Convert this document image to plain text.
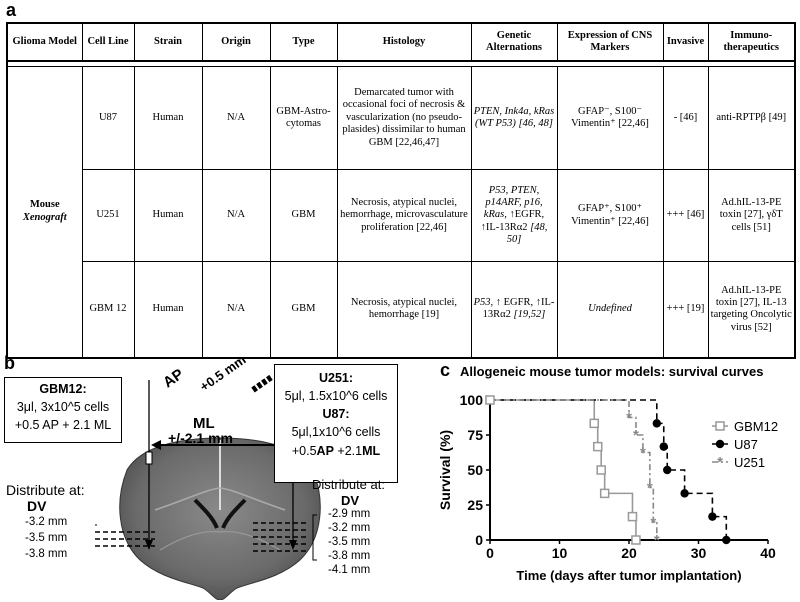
a
Glioma Model	Cell Line	Strain	Origin	Type	Histology	Genetic Alternations	Expression of CNS Markers	Invasive	Immuno-therapeutics

Mouse
Xenograft	U87	Human	N/A	GBM-Astro-cytomas	Demarcated tumor with occasional foci of necrosis & vascularization (no pseudo-plasides) dissimilar to human GBM [22,46,47]	PTEN, Ink4a, kRas (WT P53) [46, 48]	GFAP⁻, S100⁻ Vimentin⁺ [22,46]	- [46]	anti-RPTPβ [49]
	U251	Human	N/A	GBM	Necrosis, atypical nuclei, hemorrhage, microvasculature proliferation [22,46]	P53, PTEN, p14ARF, p16, kRas, ↑EGFR, ↑IL-13Rα2 [48, 50]	GFAP⁺, S100⁺ Vimentin⁺ [22,46]	+++ [46]	Ad.hIL-13-PE toxin [27], γδT cells [51]
	GBM 12	Human	N/A	GBM	Necrosis, atypical nuclei, hemorrhage [19]	P53, ↑ EGFR, ↑IL-13Rα2 [19,52]	Undefined	+++ [19]	Ad.hIL-13-PE toxin [27], IL-13 targeting Oncolytic virus [52]
b
AP +0.5 mm
ML
+/-2.1 mm
GBM12:
3μl, 3x10^5 cells
+0.5 AP + 2.1 ML
U251:
5μl, 1.5x10^6 cells
U87:
5μl,1x10^6 cells
+0.5AP +2.1ML
Distribute at:
DV
-3.2 mm
-3.5 mm
-3.8 mm
Distribute at:
DV
-2.9 mm
-3.2 mm
-3.5 mm
-3.8 mm
-4.1 mm
c Allogeneic mouse tumor models: survival curves
0
25
50
75
100
0	10	20	30	40
Survival (%)
Time (days after tumor implantation)
GBM12
U87
*
*
*
*
*
*
* U251
